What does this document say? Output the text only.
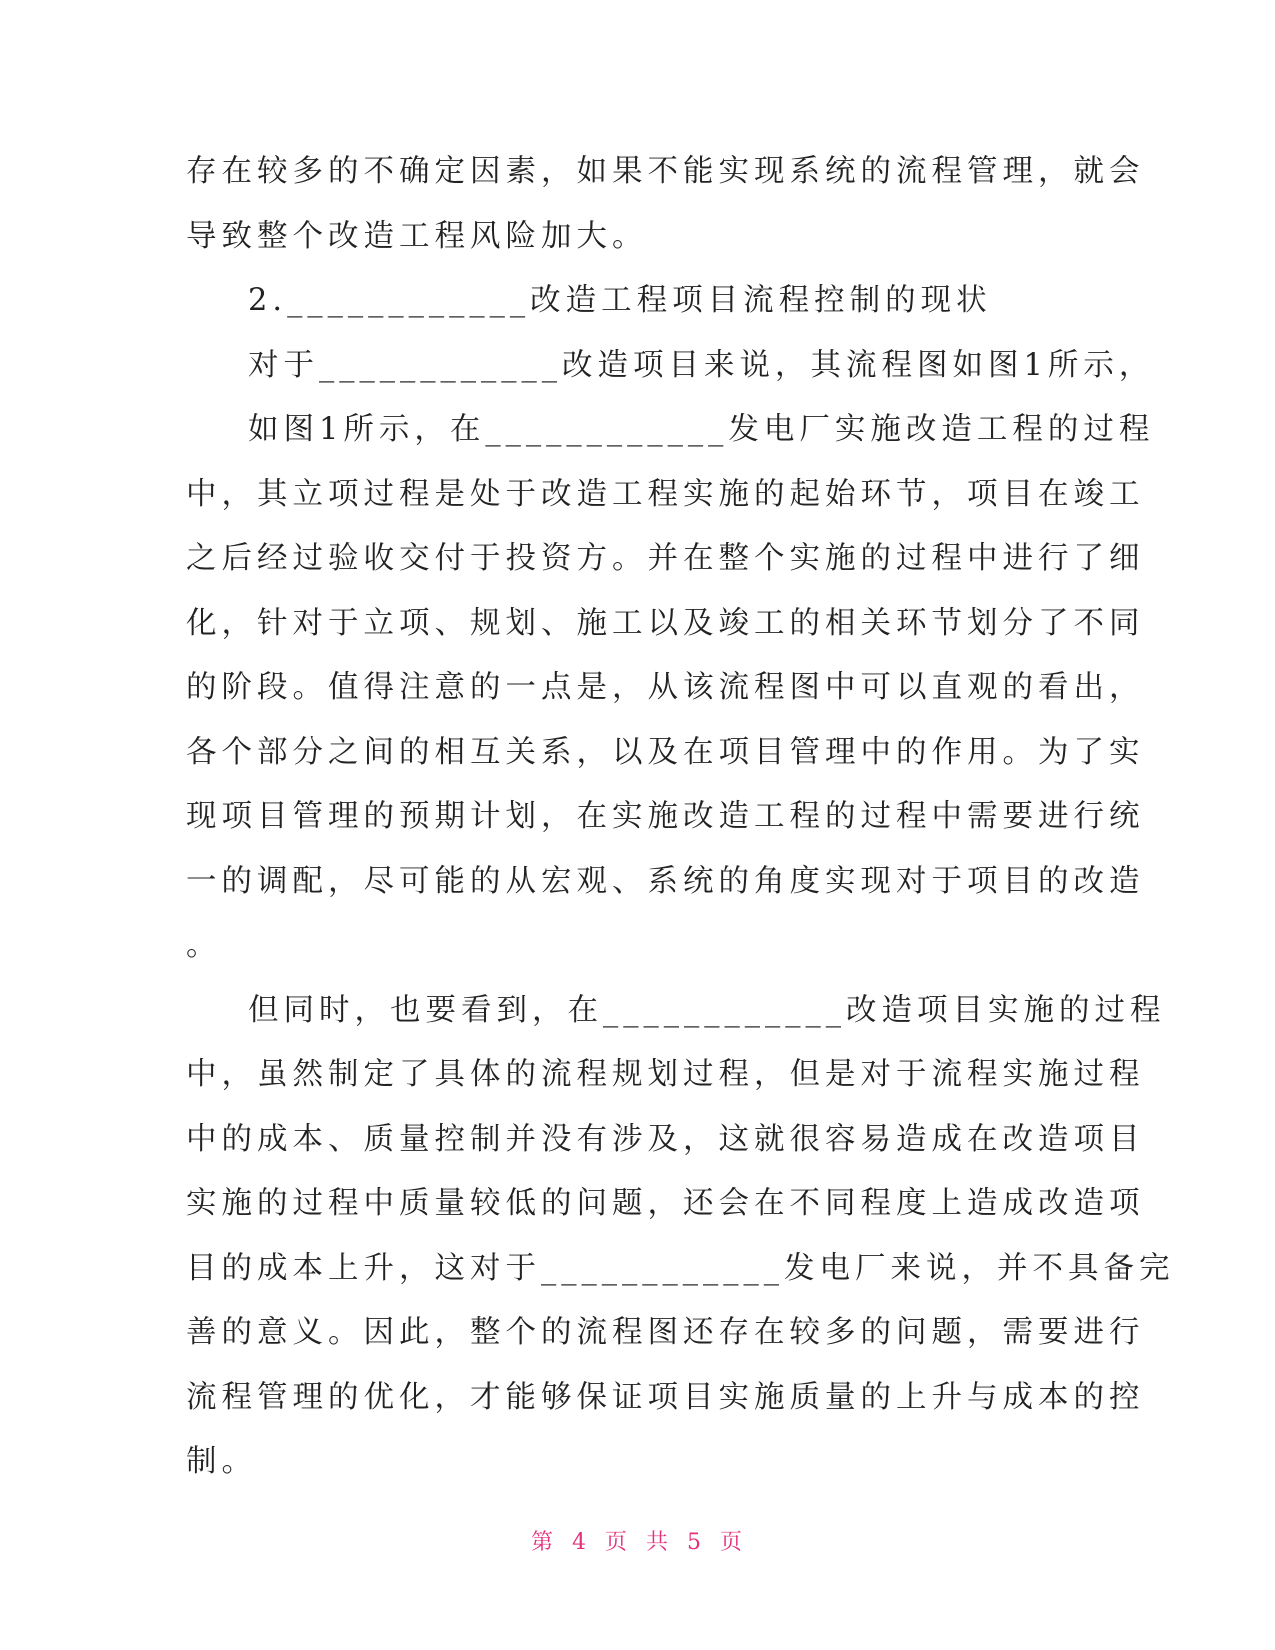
存在较多的不确定因素，如果不能实现系统的流程管理，就会

导致整个改造工程风险加大。

2.____________改造工程项目流程控制的现状

对于____________改造项目来说，其流程图如图1所示，

如图1所示，在____________发电厂实施改造工程的过程

中，其立项过程是处于改造工程实施的起始环节，项目在竣工

之后经过验收交付于投资方。并在整个实施的过程中进行了细

化，针对于立项、规划、施工以及竣工的相关环节划分了不同

的阶段。值得注意的一点是，从该流程图中可以直观的看出，

各个部分之间的相互关系，以及在项目管理中的作用。为了实

现项目管理的预期计划，在实施改造工程的过程中需要进行统

一的调配，尽可能的从宏观、系统的角度实现对于项目的改造

。

但同时，也要看到，在____________改造项目实施的过程

中，虽然制定了具体的流程规划过程，但是对于流程实施过程

中的成本、质量控制并没有涉及，这就很容易造成在改造项目

实施的过程中质量较低的问题，还会在不同程度上造成改造项

目的成本上升，这对于____________发电厂来说，并不具备完

善的意义。因此，整个的流程图还存在较多的问题，需要进行

流程管理的优化，才能够保证项目实施质量的上升与成本的控

制。

第 4 页 共 5 页
